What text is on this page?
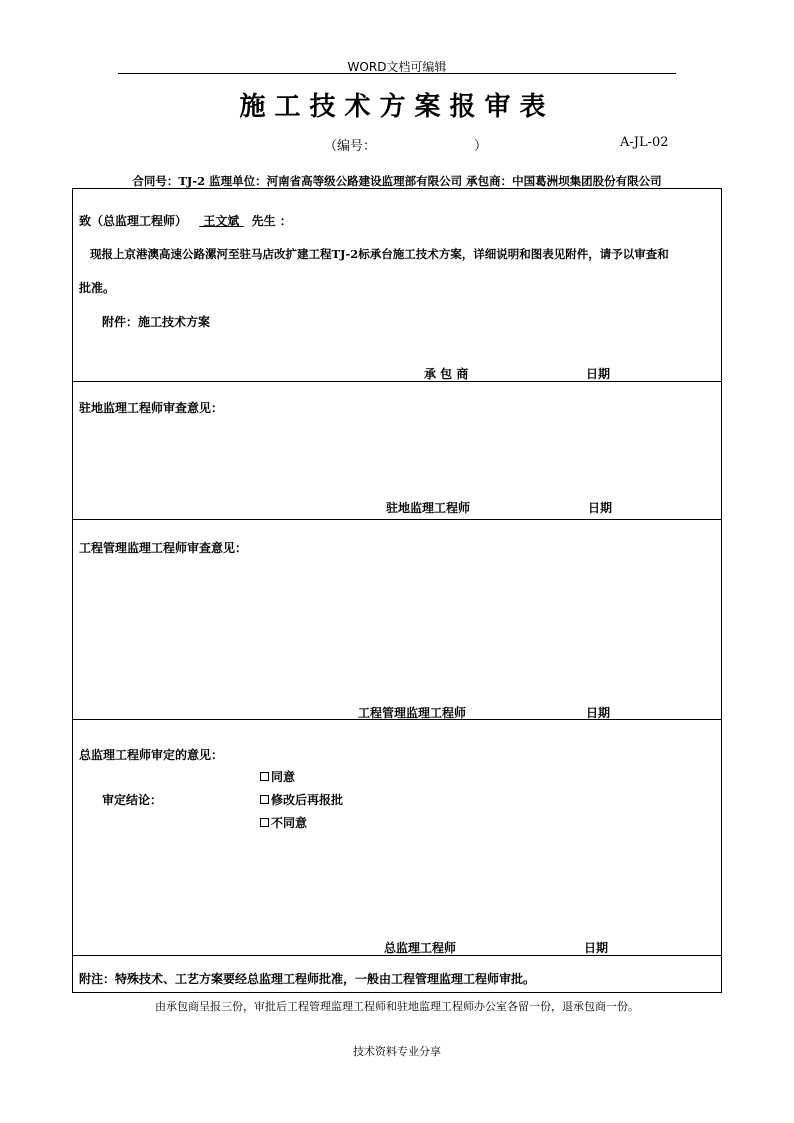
WORD文档可编辑
施工技术方案报审表
（编号：	）	A-JL-02
合同号：TJ-2 监理单位：河南省高等级公路建设监理部有限公司 承包商：中国葛洲坝集团股份有限公司
致（总监理工程师） 王文斌 先生 ：
现报上京港澳高速公路漯河至驻马店改扩建工程TJ-2标承台施工技术方案，详细说明和图表见附件，请予以审查和
批准。
附件：施工技术方案
承 包 商	日期
驻地监理工程师审查意见：
驻地监理工程师	日期
工程管理监理工程师审查意见：
工程管理监理工程师	日期
总监理工程师审定的意见：
同意
审定结论：	修改后再报批
不同意
总监理工程师	日期
附注：特殊技术、工艺方案要经总监理工程师批准，一般由工程管理监理工程师审批。
由承包商呈报三份，审批后工程管理监理工程师和驻地监理工程师办公室各留一份，退承包商一份。
技术资料专业分享
